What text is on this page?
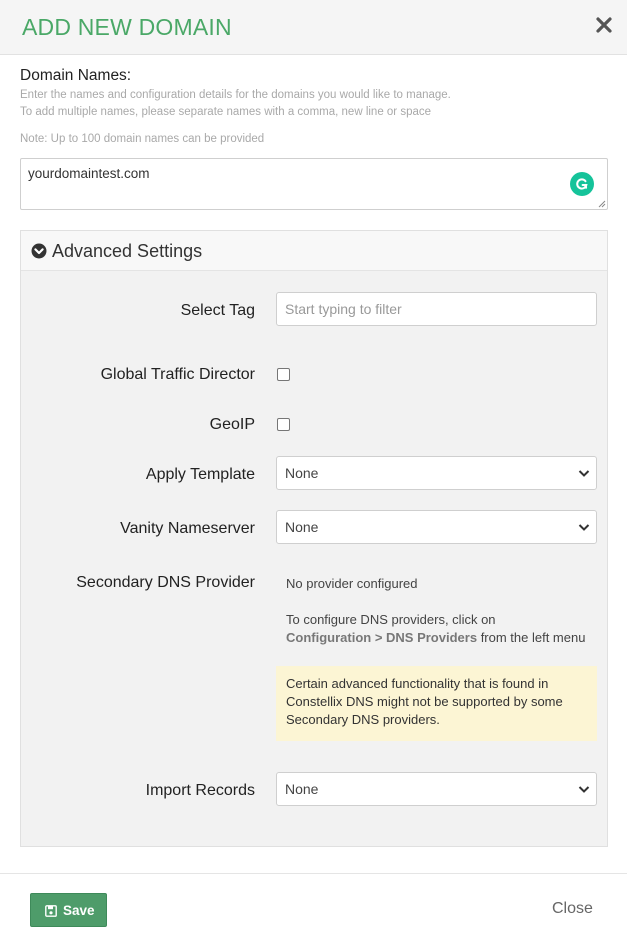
ADD NEW DOMAIN
Domain Names:
Enter the names and configuration details for the domains you would like to manage.
To add multiple names, please separate names with a comma, new line or space
Note: Up to 100 domain names can be provided
yourdomaintest.com
Advanced Settings
Select Tag Start typing to filter
Global Traffic Director
GeoIP
Apply Template None
Vanity Nameserver None
Secondary DNS Provider No provider configured
To configure DNS providers, click on
Configuration > DNS Providers from the left menu
Certain advanced functionality that is found in Constellix DNS might not be supported by some Secondary DNS providers.
Import Records None
Save	Close
